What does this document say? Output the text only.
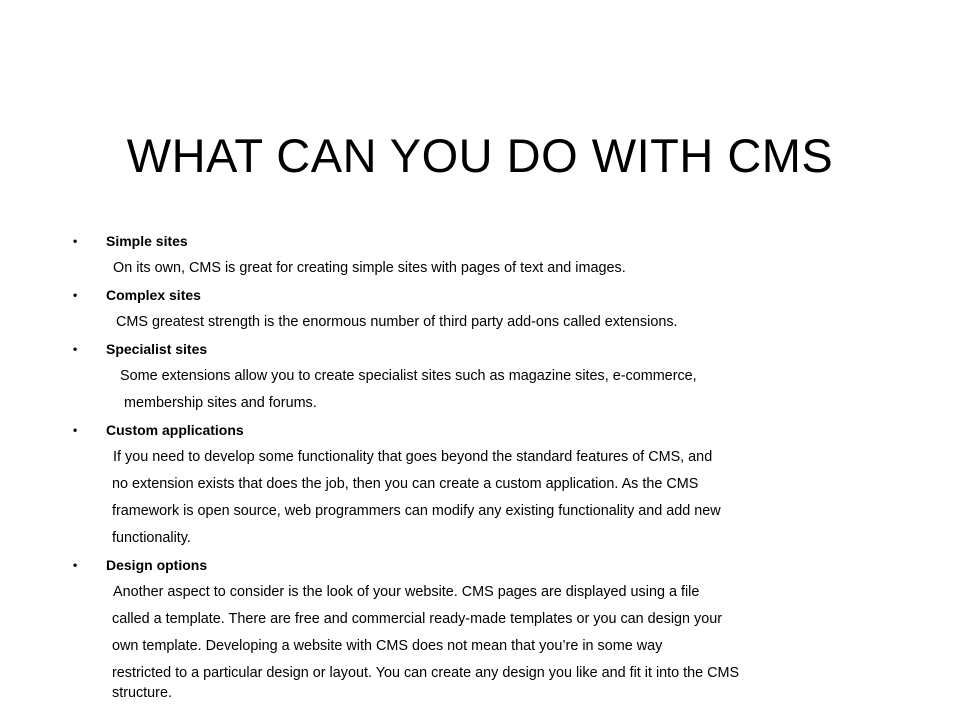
WHAT CAN YOU DO WITH CMS
• Simple sites
On its own, CMS is great for creating simple sites with pages of text and images.
• Complex sites
CMS greatest strength is the enormous number of third party add-ons called extensions.
• Specialist sites
Some extensions allow you to create specialist sites such as magazine sites, e-commerce,
membership sites and forums.
• Custom applications
If you need to develop some functionality that goes beyond the standard features of CMS, and
no extension exists that does the job, then you can create a custom application. As the CMS
framework is open source, web programmers can modify any existing functionality and add new
functionality.
• Design options
Another aspect to consider is the look of your website. CMS pages are displayed using a file
called a template. There are free and commercial ready-made templates or you can design your
own template. Developing a website with CMS does not mean that you’re in some way
restricted to a particular design or layout. You can create any design you like and fit it into the CMS
structure.
